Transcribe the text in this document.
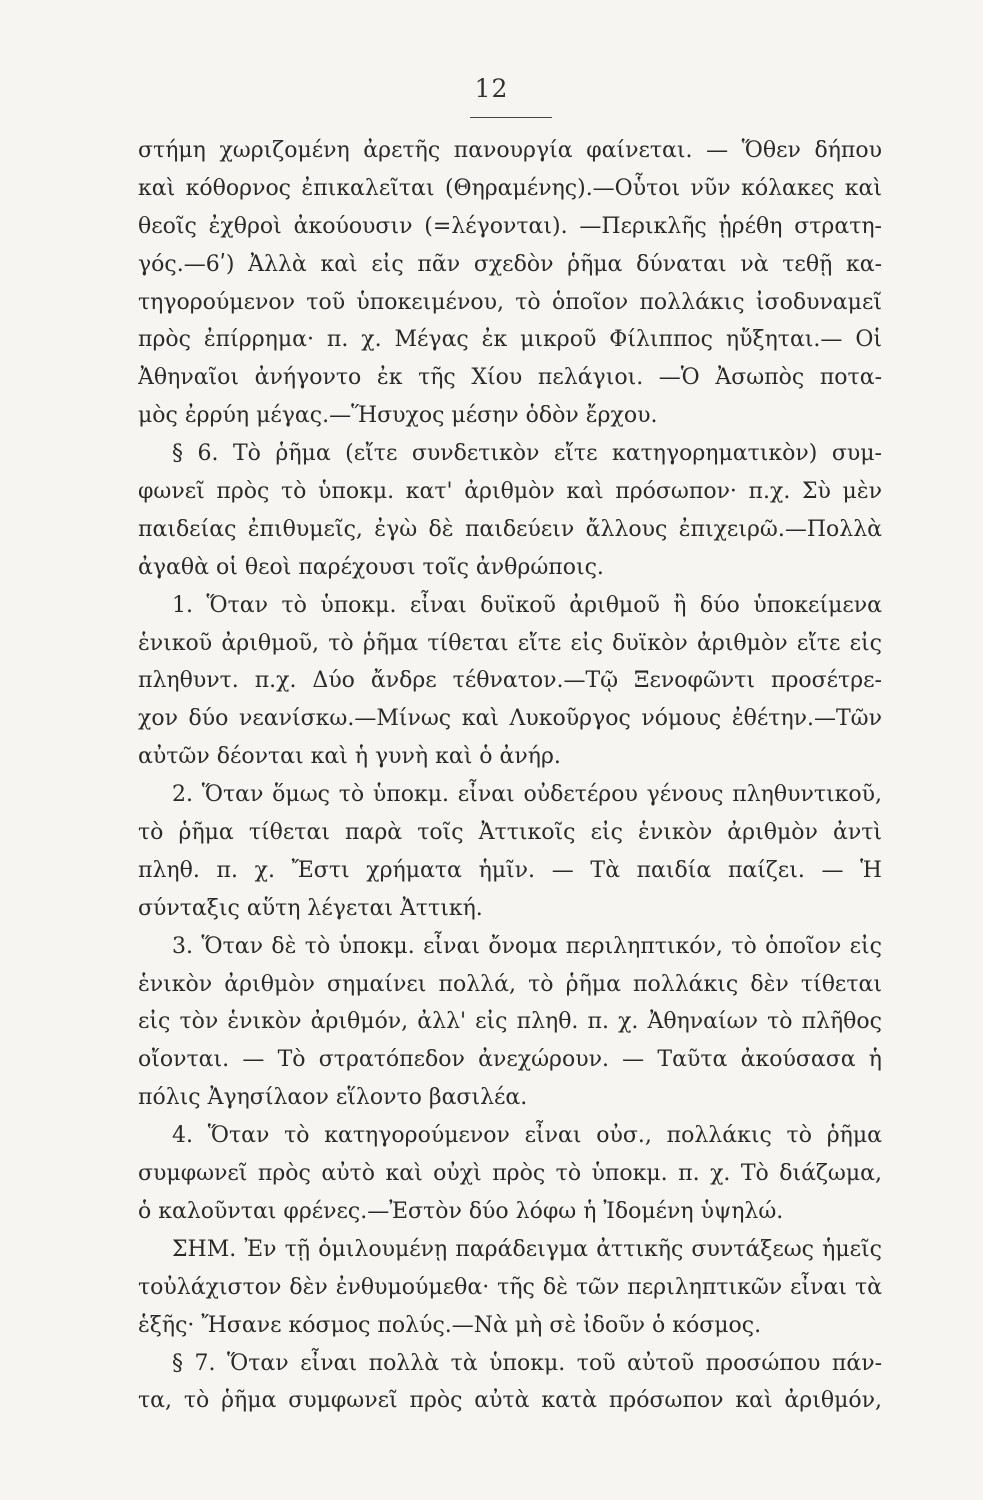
12
στήμη χωριζομένη ἀρετῆς πανουργία φαίνεται. — Ὅθεν δήπου
καὶ κόθορνος ἐπικαλεῖται (Θηραμένης).—Οὗτοι νῦν κόλακες καὶ
θεοῖς ἐχθροὶ ἀκούουσιν (=λέγονται). —Περικλῆς ᾑρέθη στρατη-
γός.—6ʹ) Ἀλλὰ καὶ εἰς πᾶν σχεδὸν ῥῆμα δύναται νὰ τεθῇ κα-
τηγορούμενον τοῦ ὑποκειμένου, τὸ ὁποῖον πολλάκις ἰσοδυναμεῖ
πρὸς ἐπίρρημα· π. χ. Μέγας ἐκ μικροῦ Φίλιππος ηὔξηται.— Οἱ
Ἀθηναῖοι ἀνήγοντο ἐκ τῆς Χίου πελάγιοι. —Ὁ Ἀσωπὸς ποτα-
μὸς ἐρρύη μέγας.—Ἥσυχος μέσην ὁδὸν ἔρχου.
§ 6. Τὸ ῥῆμα (εἴτε συνδετικὸν εἴτε κατηγορηματικὸν) συμ-
φωνεῖ πρὸς τὸ ὑποκμ. κατ' ἀριθμὸν καὶ πρόσωπον· π.χ. Σὺ μὲν
παιδείας ἐπιθυμεῖς, ἐγὼ δὲ παιδεύειν ἄλλους ἐπιχειρῶ.—Πολλὰ
ἀγαθὰ οἱ θεοὶ παρέχουσι τοῖς ἀνθρώποις.
1. Ὅταν τὸ ὑποκμ. εἶναι δυϊκοῦ ἀριθμοῦ ἢ δύο ὑποκείμενα
ἑνικοῦ ἀριθμοῦ, τὸ ῥῆμα τίθεται εἴτε εἰς δυϊκὸν ἀριθμὸν εἴτε εἰς
πληθυντ. π.χ. Δύο ἄνδρε τέθνατον.—Τῷ Ξενοφῶντι προσέτρε-
χον δύο νεανίσκω.—Μίνως καὶ Λυκοῦργος νόμους ἐθέτην.—Τῶν
αὐτῶν δέονται καὶ ἡ γυνὴ καὶ ὁ ἀνήρ.
2. Ὅταν ὅμως τὸ ὑποκμ. εἶναι οὐδετέρου γένους πληθυντικοῦ,
τὸ ῥῆμα τίθεται παρὰ τοῖς Ἀττικοῖς εἰς ἑνικὸν ἀριθμὸν ἀντὶ
πληθ. π. χ. Ἔστι χρήματα ἡμῖν. — Τὰ παιδία παίζει. — Ἡ
σύνταξις αὕτη λέγεται Ἀττική.
3. Ὅταν δὲ τὸ ὑποκμ. εἶναι ὄνομα περιληπτικόν, τὸ ὁποῖον εἰς
ἑνικὸν ἀριθμὸν σημαίνει πολλά, τὸ ῥῆμα πολλάκις δὲν τίθεται
εἰς τὸν ἑνικὸν ἀριθμόν, ἀλλ' εἰς πληθ. π. χ. Ἀθηναίων τὸ πλῆθος
οἴονται. — Τὸ στρατόπεδον ἀνεχώρουν. — Ταῦτα ἀκούσασα ἡ
πόλις Ἀγησίλαον εἵλοντο βασιλέα.
4. Ὅταν τὸ κατηγορούμενον εἶναι οὐσ., πολλάκις τὸ ῥῆμα
συμφωνεῖ πρὸς αὐτὸ καὶ οὐχὶ πρὸς τὸ ὑποκμ. π. χ. Τὸ διάζωμα,
ὁ καλοῦνται φρένες.—Ἐστὸν δύο λόφω ἡ Ἰδομένη ὑψηλώ.
ΣΗΜ. Ἐν τῇ ὁμιλουμένῃ παράδειγμα ἀττικῆς συντάξεως ἡμεῖς
τοὐλάχιστον δὲν ἐνθυμούμεθα· τῆς δὲ τῶν περιληπτικῶν εἶναι τὰ
ἑξῆς· Ἤσανε κόσμος πολύς.—Νὰ μὴ σὲ ἰδοῦν ὁ κόσμος.
§ 7. Ὅταν εἶναι πολλὰ τὰ ὑποκμ. τοῦ αὐτοῦ προσώπου πάν-
τα, τὸ ῥῆμα συμφωνεῖ πρὸς αὐτὰ κατὰ πρόσωπον καὶ ἀριθμόν,
